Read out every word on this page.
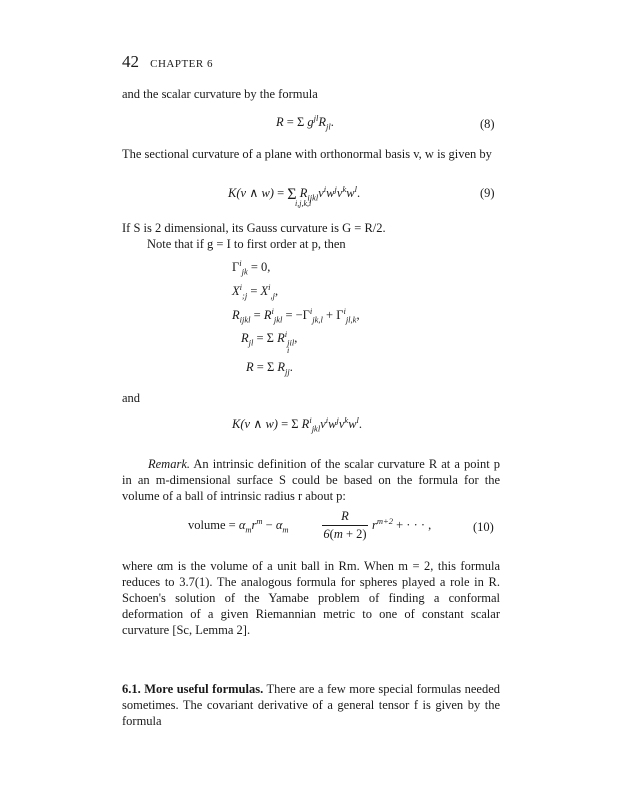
42 CHAPTER 6
and the scalar curvature by the formula
R = Σ $g^{jl}R_{jl}$.	(8)
The sectional curvature of a plane with orthonormal basis v, w is given by
K(v ∧ w) = Σ $R_{ijkl}v^iw^jv^kw^l$.
i,j,k,l
(9)
If S is 2 dimensional, its Gauss curvature is G = R/2.
Note that if g = I to first order at p, then
$\Gamma^i_{jk} = 0$,
$X^i_{;j} = X^i_{,j}$,
$R_{ijkl} = R^i_{jkl} = -\Gamma^i_{jk,l} + \Gamma^i_{jl,k}$,
$R_{jl} = \Sigma$ $R^i_{jil}$,
i
R = Σ $R_{jj}$.
and
K(v ∧ w) = Σ $R^i_{jkl}v^iw^jv^kw^l$.
Remark. An intrinsic definition of the scalar curvature R at a point p in an m-dimensional surface S could be based on the formula for the volume of a ball of intrinsic radius r about p:
volume = $\alpha_mr^m - \alpha_m$
R
6(m + 2)
$r^{m+2}$ + · · · ,	(10)
where αm is the volume of a unit ball in Rm. When m = 2, this formula reduces to 3.7(1). The analogous formula for spheres played a role in R. Schoen's solution of the Yamabe problem of finding a conformal deformation of a given Riemannian metric to one of constant scalar curvature [Sc, Lemma 2].
6.1. More useful formulas. There are a few more special formulas needed sometimes. The covariant derivative of a general tensor f is given by the formula
